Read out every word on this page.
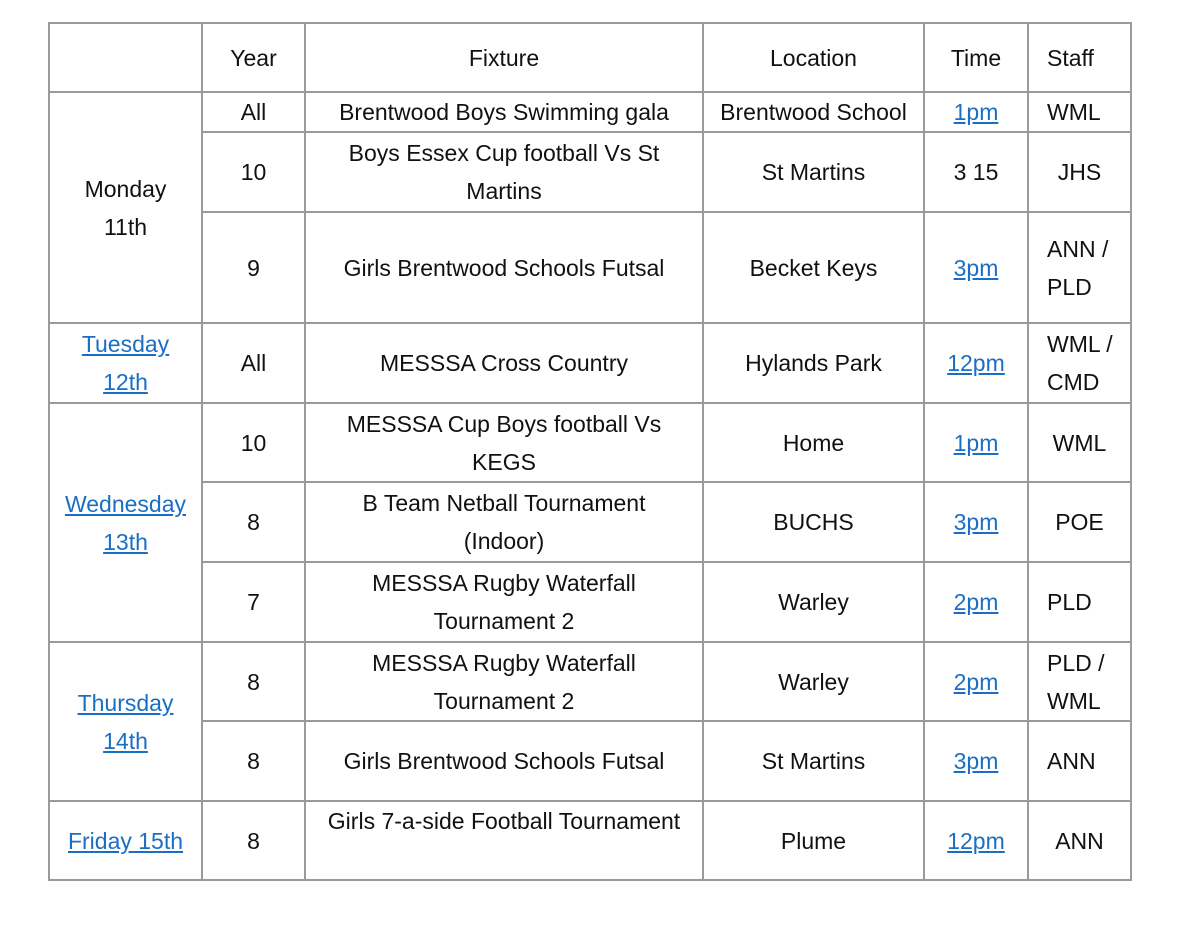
	Year	Fixture	Location	Time	Staff

Monday
11th	All	Brentwood Boys Swimming gala	Brentwood School	1pm	WML
	10	Boys Essex Cup football Vs St Martins	St Martins	3 15	JHS
	9	Girls Brentwood Schools Futsal	Becket Keys	3pm	ANN / PLD

Tuesday
12th	All	MESSSA Cross Country	Hylands Park	12pm	WML / CMD

Wednesday
13th	10	MESSSA Cup Boys football Vs KEGS	Home	1pm	WML
	8	B Team Netball Tournament (Indoor)	BUCHS	3pm	POE
	7	MESSSA Rugby Waterfall Tournament 2	Warley	2pm	PLD

Thursday
14th	8	MESSSA Rugby Waterfall Tournament 2	Warley	2pm	PLD / WML
	8	Girls Brentwood Schools Futsal	St Martins	3pm	ANN

Friday 15th	8	Girls 7-a-side Football Tournament	Plume	12pm	ANN
